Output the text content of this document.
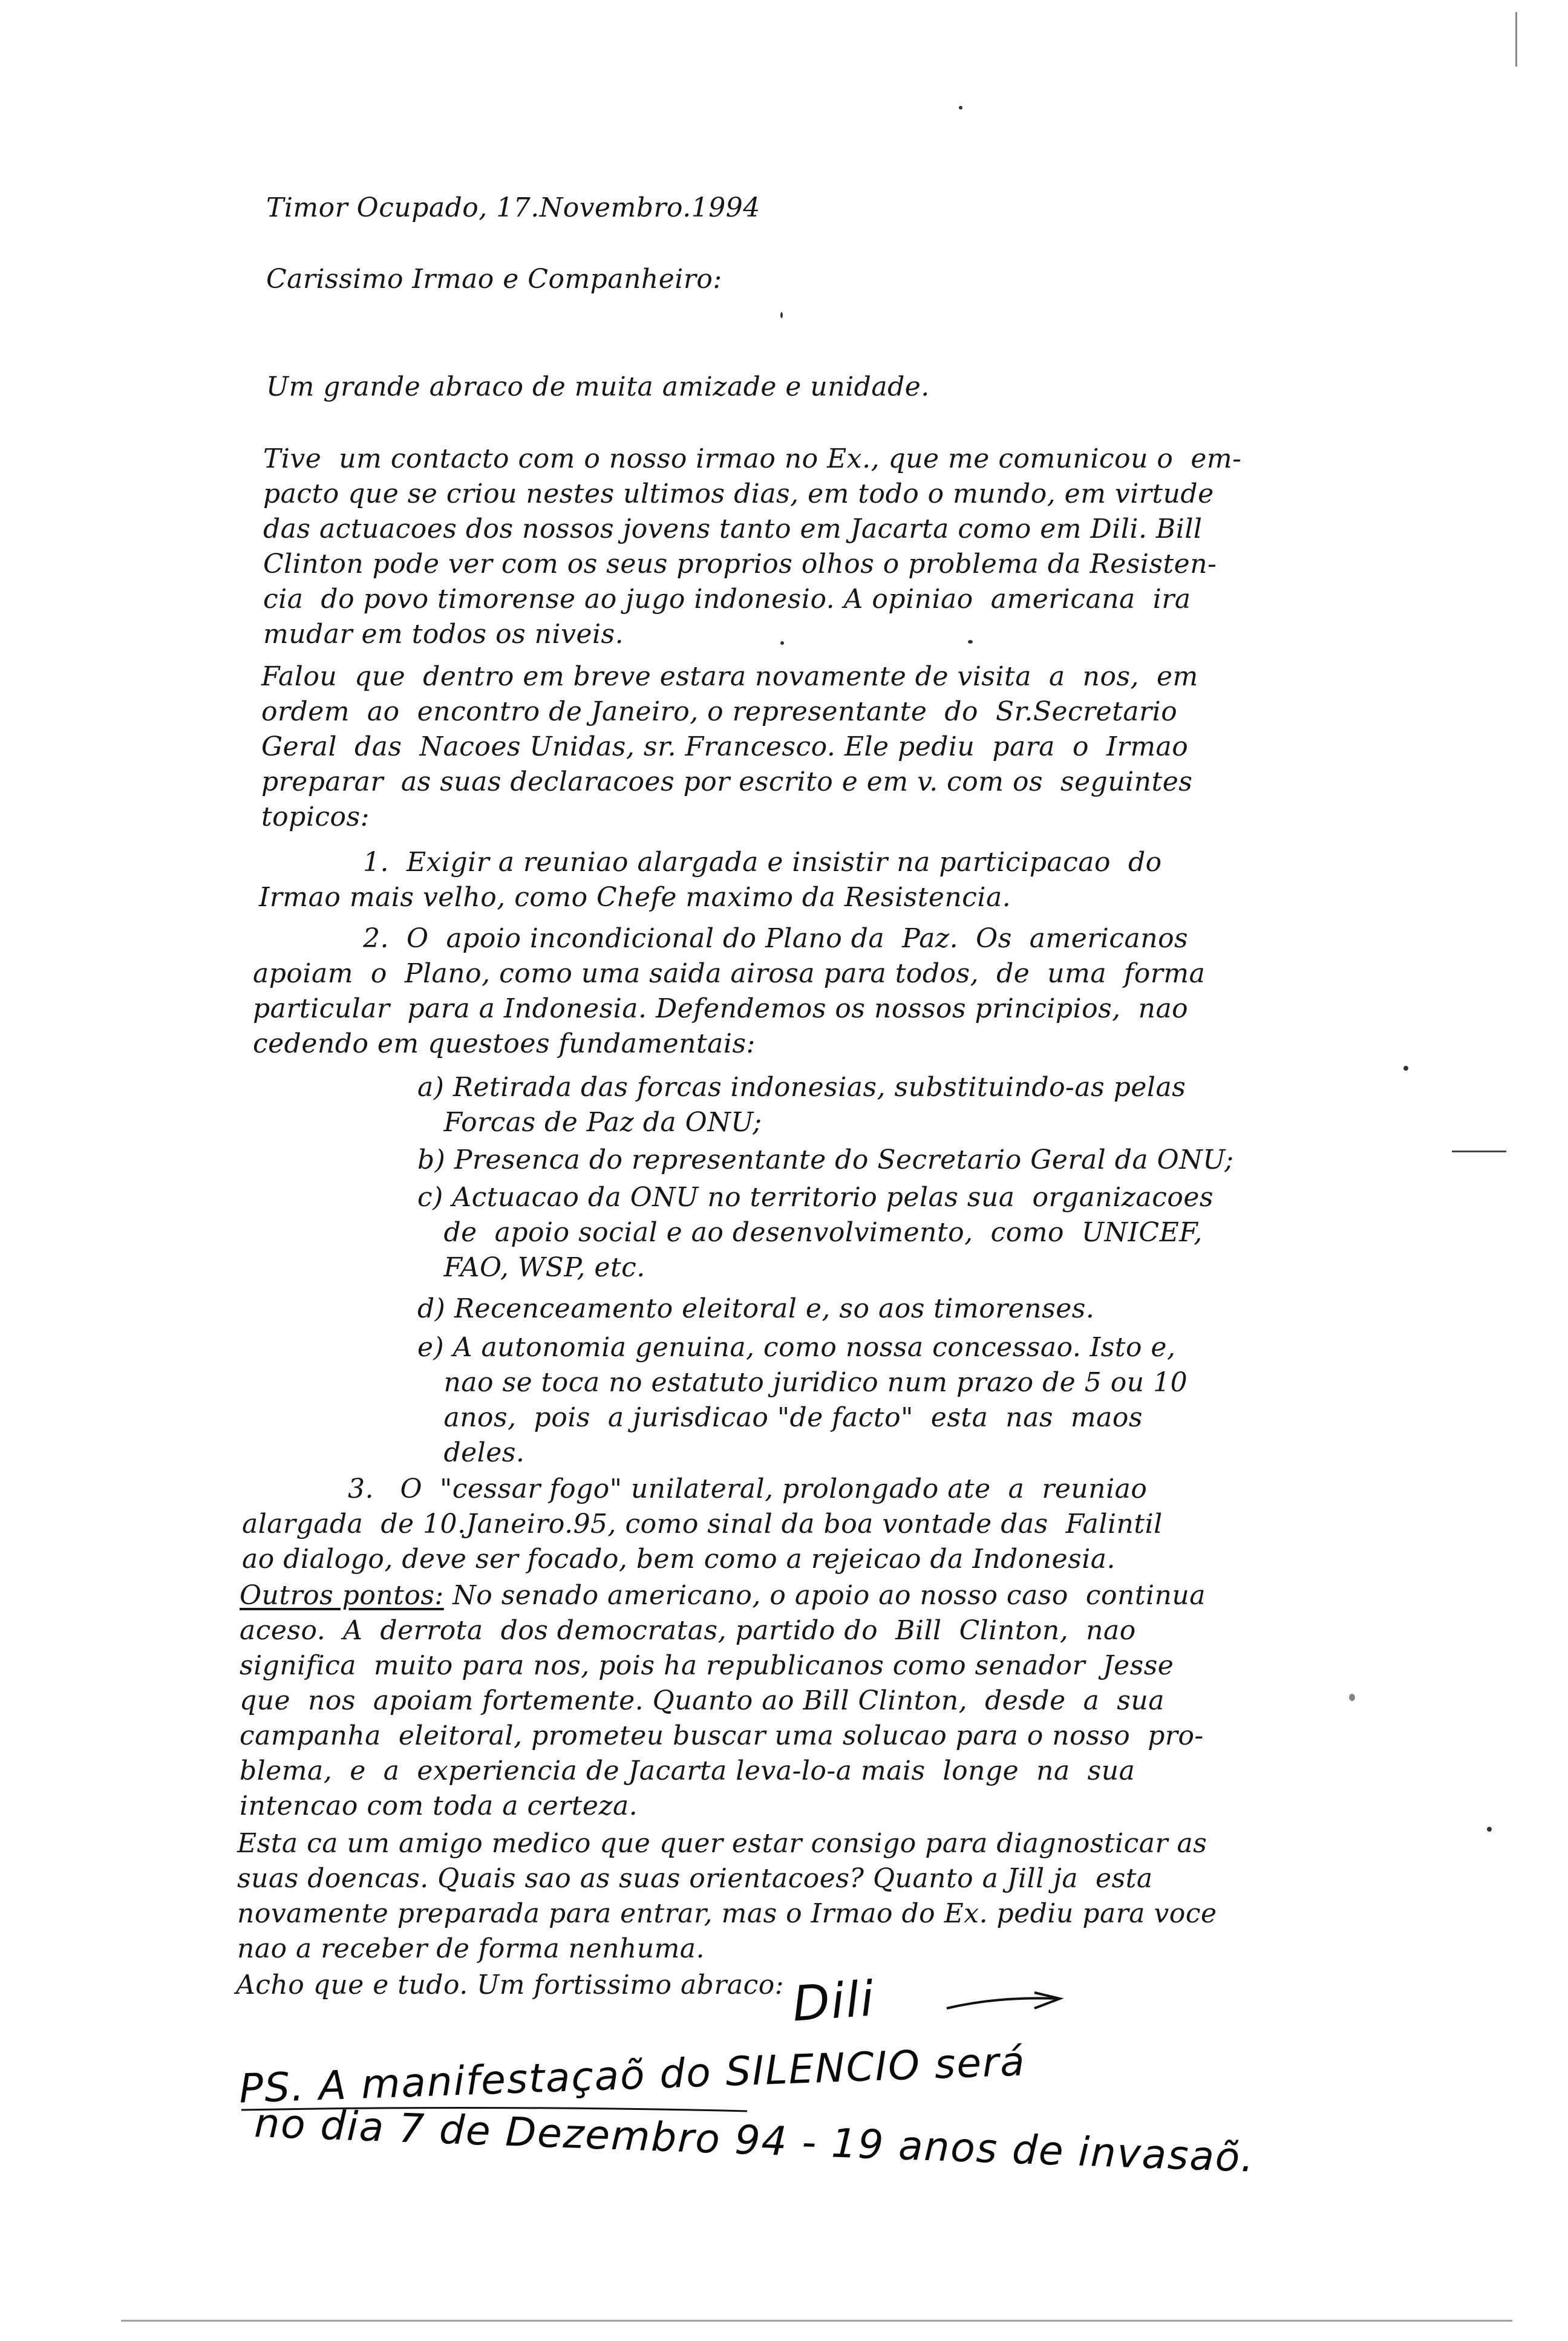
Timor Ocupado, 17.Novembro.1994
Carissimo Irmao e Companheiro:
Um grande abraco de muita amizade e unidade.
Tive  um contacto com o nosso irmao no Ex., que me comunicou o  em-
pacto que se criou nestes ultimos dias, em todo o mundo, em virtude
das actuacoes dos nossos jovens tanto em Jacarta como em Dili. Bill
Clinton pode ver com os seus proprios olhos o problema da Resisten-
cia  do povo timorense ao jugo indonesio. A opiniao  americana  ira
mudar em todos os niveis.
Falou  que  dentro em breve estara novamente de visita  a  nos,  em
ordem  ao  encontro de Janeiro, o representante  do  Sr.Secretario
Geral  das  Nacoes Unidas, sr. Francesco. Ele pediu  para  o  Irmao
preparar  as suas declaracoes por escrito e em v. com os  seguintes
topicos:
1.  Exigir a reuniao alargada e insistir na participacao  do
Irmao mais velho, como Chefe maximo da Resistencia.
2.  O  apoio incondicional do Plano da  Paz.  Os  americanos
apoiam  o  Plano, como uma saida airosa para todos,  de  uma  forma
particular  para a Indonesia. Defendemos os nossos principios,  nao
cedendo em questoes fundamentais:
a) Retirada das forcas indonesias, substituindo-as pelas
Forcas de Paz da ONU;
b) Presenca do representante do Secretario Geral da ONU;
c) Actuacao da ONU no territorio pelas sua  organizacoes
de  apoio social e ao desenvolvimento,  como  UNICEF,
FAO, WSP, etc.
d) Recenceamento eleitoral e, so aos timorenses.
e) A autonomia genuina, como nossa concessao. Isto e,
nao se toca no estatuto juridico num prazo de 5 ou 10
anos,  pois  a jurisdicao "de facto"  esta  nas  maos
deles.
3.   O  "cessar fogo" unilateral, prolongado ate  a  reuniao
alargada  de 10.Janeiro.95, como sinal da boa vontade das  Falintil
ao dialogo, deve ser focado, bem como a rejeicao da Indonesia.
Outros pontos: No senado americano, o apoio ao nosso caso  continua
aceso.  A  derrota  dos democratas, partido do  Bill  Clinton,  nao
significa  muito para nos, pois ha republicanos como senador  Jesse
que  nos  apoiam fortemente. Quanto ao Bill Clinton,  desde  a  sua
campanha  eleitoral, prometeu buscar uma solucao para o nosso  pro-
blema,  e  a  experiencia de Jacarta leva-lo-a mais  longe  na  sua
intencao com toda a certeza.
Esta ca um amigo medico que quer estar consigo para diagnosticar as
suas doencas. Quais sao as suas orientacoes? Quanto a Jill ja  esta
novamente preparada para entrar, mas o Irmao do Ex. pediu para voce
nao a receber de forma nenhuma.
Acho que e tudo. Um fortissimo abraco: Dili
PS. A manifestaçaõ do SILENCIO será
no dia 7 de Dezembro 94 - 19 anos de invasaõ.
